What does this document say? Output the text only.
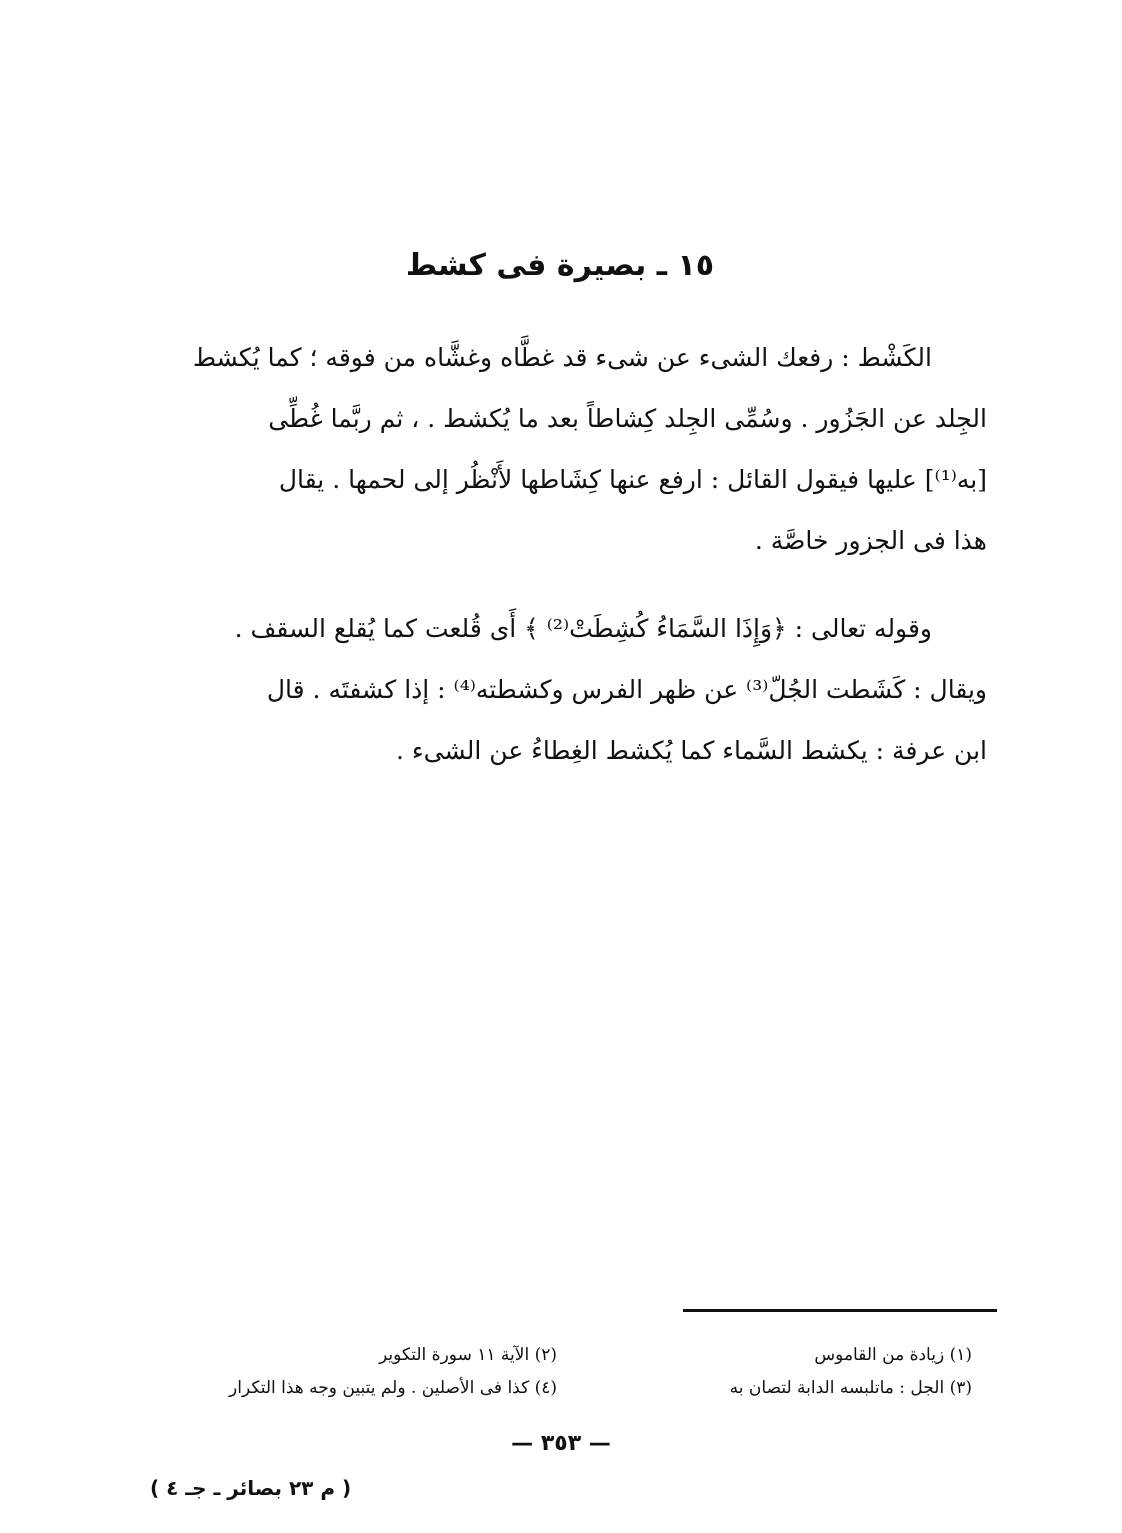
١٥ ـ بصيرة فى كشط
الكَشْط : رفعك الشىء عن شىء قد غطَّاه وغشَّاه من فوقه ؛ كما يُكشط
الجِلد عن الجَزُور . وسُمِّى الجِلد كِشاطاً بعد ما يُكشط . ، ثم ربَّما غُطِّى
[به⁽¹⁾] عليها فيقول القائل : ارفع عنها كِشَاطها لأَنْظُر إلى لحمها . يقال
هذا فى الجزور خاصَّة .
وقوله تعالى : ﴿وَإِذَا السَّمَاءُ كُشِطَتْ⁽²⁾ ﴾ أَى قُلعت كما يُقلع السقف .
ويقال : كَشَطت الجُلّ⁽³⁾ عن ظهر الفرس وكشطته⁽⁴⁾ : إذا كشفتَه . قال
ابن عرفة : يكشط السَّماء كما يُكشط الغِطاءُ عن الشىء .
(١) زيادة من القاموس
(٣) الجل : ماتلبسه الدابة لتصان به
(٢) الآية ١١ سورة التكوير
(٤) كذا فى الأصلين . ولم يتبين وجه هذا التكرار
— ٣٥٣ —
( م ٢٣ بصائر ـ جـ ٤ )
